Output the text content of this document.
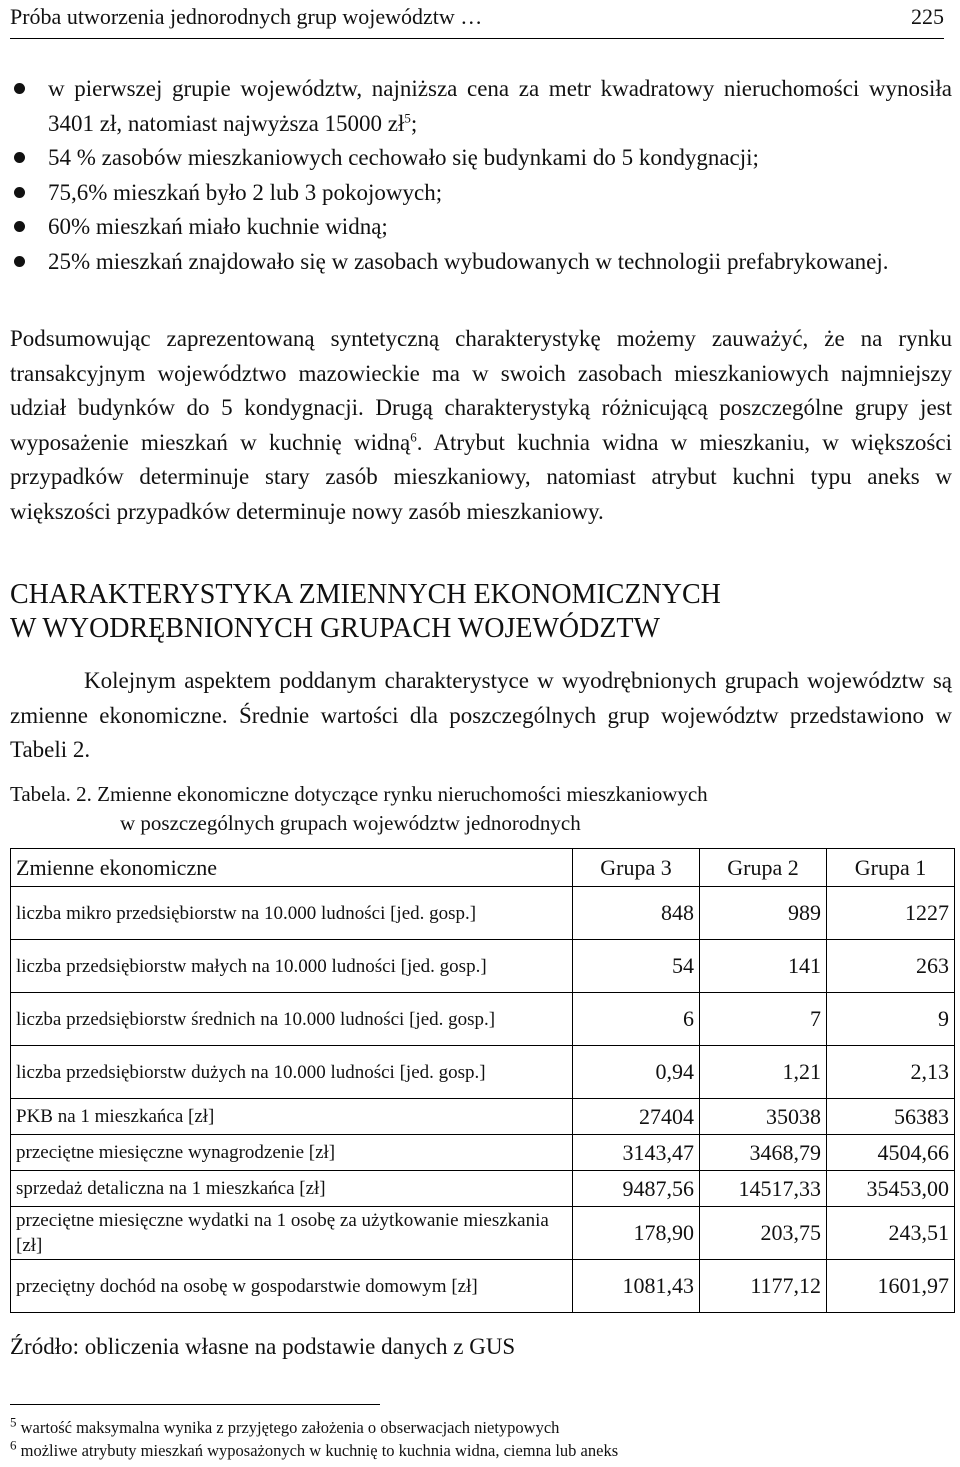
Próba utworzenia jednorodnych grup województw …	225
w pierwszej grupie województw, najniższa cena za metr kwadratowy nieruchomości wynosiła 3401 zł, natomiast najwyższa 15000 $zł^5$;
54 % zasobów mieszkaniowych cechowało się budynkami do 5 kondygnacji;
75,6% mieszkań było 2 lub 3 pokojowych;
60% mieszkań miało kuchnie widną;
25% mieszkań znajdowało się w zasobach wybudowanych w technologii prefabrykowanej.

Podsumowując zaprezentowaną syntetyczną charakterystykę możemy zauważyć, że na rynku transakcyjnym województwo mazowieckie ma w swoich zasobach mieszkaniowych najmniejszy udział budynków do 5 kondygnacji. Drugą charakterystyką różnicującą poszczególne grupy jest wyposażenie mieszkań w kuchnię widną$^6$. Atrybut kuchnia widna w mieszkaniu, w większości przypadków determinuje stary zasób mieszkaniowy, natomiast atrybut kuchni typu aneks w większości przypadków determinuje nowy zasób mieszkaniowy.

CHARAKTERYSTYKA ZMIENNYCH EKONOMICZNYCH
W WYODRĘBNIONYCH GRUPACH WOJEWÓDZTW

Kolejnym aspektem poddanym charakterystyce w wyodrębnionych grupach województw są zmienne ekonomiczne. Średnie wartości dla poszczególnych grup województw przedstawiono w Tabeli 2.

Tabela. 2. Zmienne ekonomiczne dotyczące rynku nieruchomości mieszkaniowych
w poszczególnych grupach województw jednorodnych
Zmienne ekonomiczne	Grupa 3	Grupa 2	Grupa 1
liczba mikro przedsiębiorstw na 10.000 ludności [jed. gosp.]	848	989	1227
liczba przedsiębiorstw małych na 10.000 ludności [jed. gosp.]	54	141	263
liczba przedsiębiorstw średnich na 10.000 ludności [jed. gosp.]	6	7	9
liczba przedsiębiorstw dużych na 10.000 ludności [jed. gosp.]	0,94	1,21	2,13
PKB na 1 mieszkańca [zł]	27404	35038	56383
przeciętne miesięczne wynagrodzenie [zł]	3143,47	3468,79	4504,66
sprzedaż detaliczna na 1 mieszkańca [zł]	9487,56	14517,33	35453,00
przeciętne miesięczne wydatki na 1 osobę za użytkowanie mieszkania [zł]	178,90	203,75	243,51
przeciętny dochód na osobę w gospodarstwie domowym [zł]	1081,43	1177,12	1601,97
Źródło: obliczenia własne na podstawie danych z GUS
$^5$ wartość maksymalna wynika z przyjętego założenia o obserwacjach nietypowych
$^6$ możliwe atrybuty mieszkań wyposażonych w kuchnię to kuchnia widna, ciemna lub aneks
